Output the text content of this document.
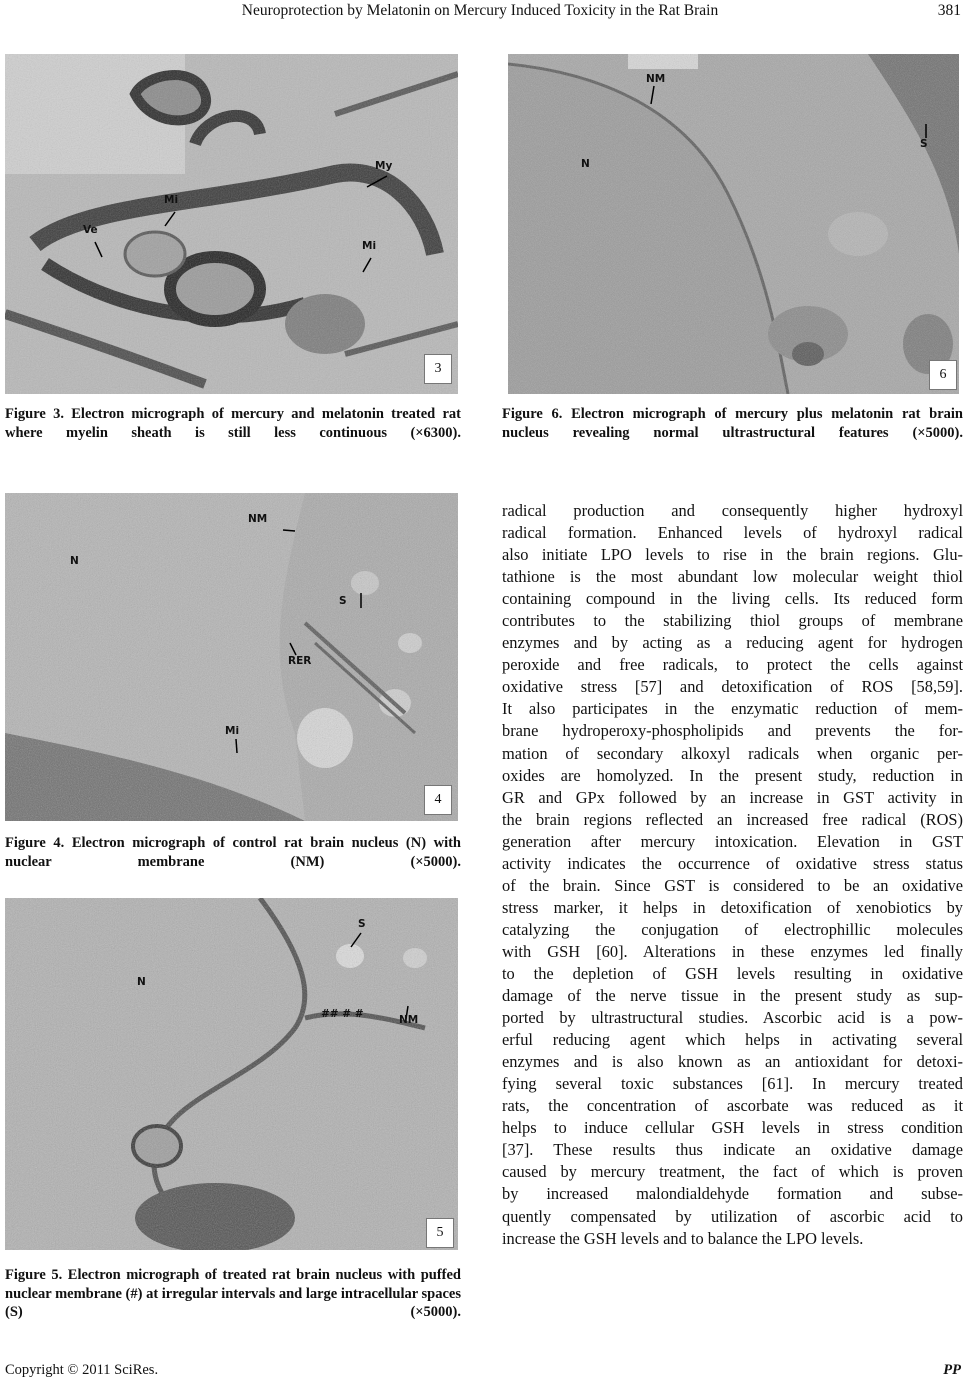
Neuroprotection by Melatonin on Mercury Induced Toxicity in the Rat Brain	381
My
Mi
Ve
Mi
3
Figure 3. Electron micrograph of mercury and melatonin treated rat where myelin sheath is still less continuous (×6300).
NM
N
S
RER
Mi
4
Figure 4. Electron micrograph of control rat brain nucleus (N) with nuclear membrane (NM) (×5000).
S
N
## # #	NM
5
Figure 5. Electron micrograph of treated rat brain nucleus with puffed nuclear membrane (#) at irregular intervals and large intracellular spaces (S) (×5000).
NM
N
S
6
Figure 6. Electron micrograph of mercury plus melatonin rat brain nucleus revealing normal ultrastructural features (×5000).
radical production and consequently higher hydroxyl
radical formation. Enhanced levels of hydroxyl radical
also initiate LPO levels to rise in the brain regions. Glu-
tathione is the most abundant low molecular weight thiol
containing compound in the living cells. Its reduced form
contributes to the stabilizing thiol groups of membrane
enzymes and by acting as a reducing agent for hydrogen
peroxide and free radicals, to protect the cells against
oxidative stress [57] and detoxification of ROS [58,59].
It also participates in the enzymatic reduction of mem-
brane hydroperoxy-phospholipids and prevents the for-
mation of secondary alkoxyl radicals when organic per-
oxides are homolyzed. In the present study, reduction in
GR and GPx followed by an increase in GST activity in
the brain regions reflected an increased free radical (ROS)
generation after mercury intoxication. Elevation in GST
activity indicates the occurrence of oxidative stress status
of the brain. Since GST is considered to be an oxidative
stress marker, it helps in detoxification of xenobiotics by
catalyzing the conjugation of electrophillic molecules
with GSH [60]. Alterations in these enzymes led finally
to the depletion of GSH levels resulting in oxidative
damage of the nerve tissue in the present study as sup-
ported by ultrastructural studies. Ascorbic acid is a pow-
erful reducing agent which helps in activating several
enzymes and is also known as an antioxidant for detoxi-
fying several toxic substances [61]. In mercury treated
rats, the concentration of ascorbate was reduced as it
helps to induce cellular GSH levels in stress condition
[37]. These results thus indicate an oxidative damage
caused by mercury treatment, the fact of which is proven
by increased malondialdehyde formation and subse-
quently compensated by utilization of ascorbic acid to
increase the GSH levels and to balance the LPO levels.
Copyright © 2011 SciRes.	PP
